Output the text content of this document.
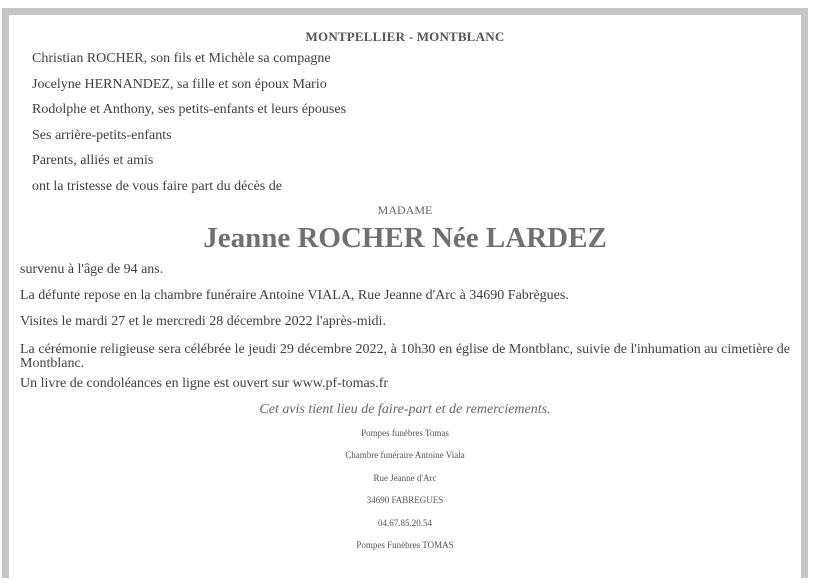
MONTPELLIER - MONTBLANC
Christian ROCHER, son fils et Michèle sa compagne
Jocelyne HERNANDEZ, sa fille et son époux Mario
Rodolphe et Anthony, ses petits-enfants et leurs épouses
Ses arrière-petits-enfants
Parents, alliés et amis
ont la tristesse de vous faire part du décès de
MADAME
Jeanne ROCHER Née LARDEZ

survenu à l'âge de 94 ans.

La défunte repose en la chambre funéraire Antoine VIALA, Rue Jeanne d'Arc à 34690 Fabrègues.

Visites le mardi 27 et le mercredi 28 décembre 2022 l'après-midi.

La cérémonie religieuse sera célébrée le jeudi 29 décembre 2022, à 10h30 en église de Montblanc, suivie de l'inhumation au cimetière de Montblanc.

Un livre de condoléances en ligne est ouvert sur www.pf-tomas.fr

Cet avis tient lieu de faire-part et de remerciements.
Pompes funèbres Tomas
Chambre funéraire Antoine Viala
Rue Jeanne d'Arc
34690 FABREGUES
04.67.85.20.54
Pompes Funèbres TOMAS
